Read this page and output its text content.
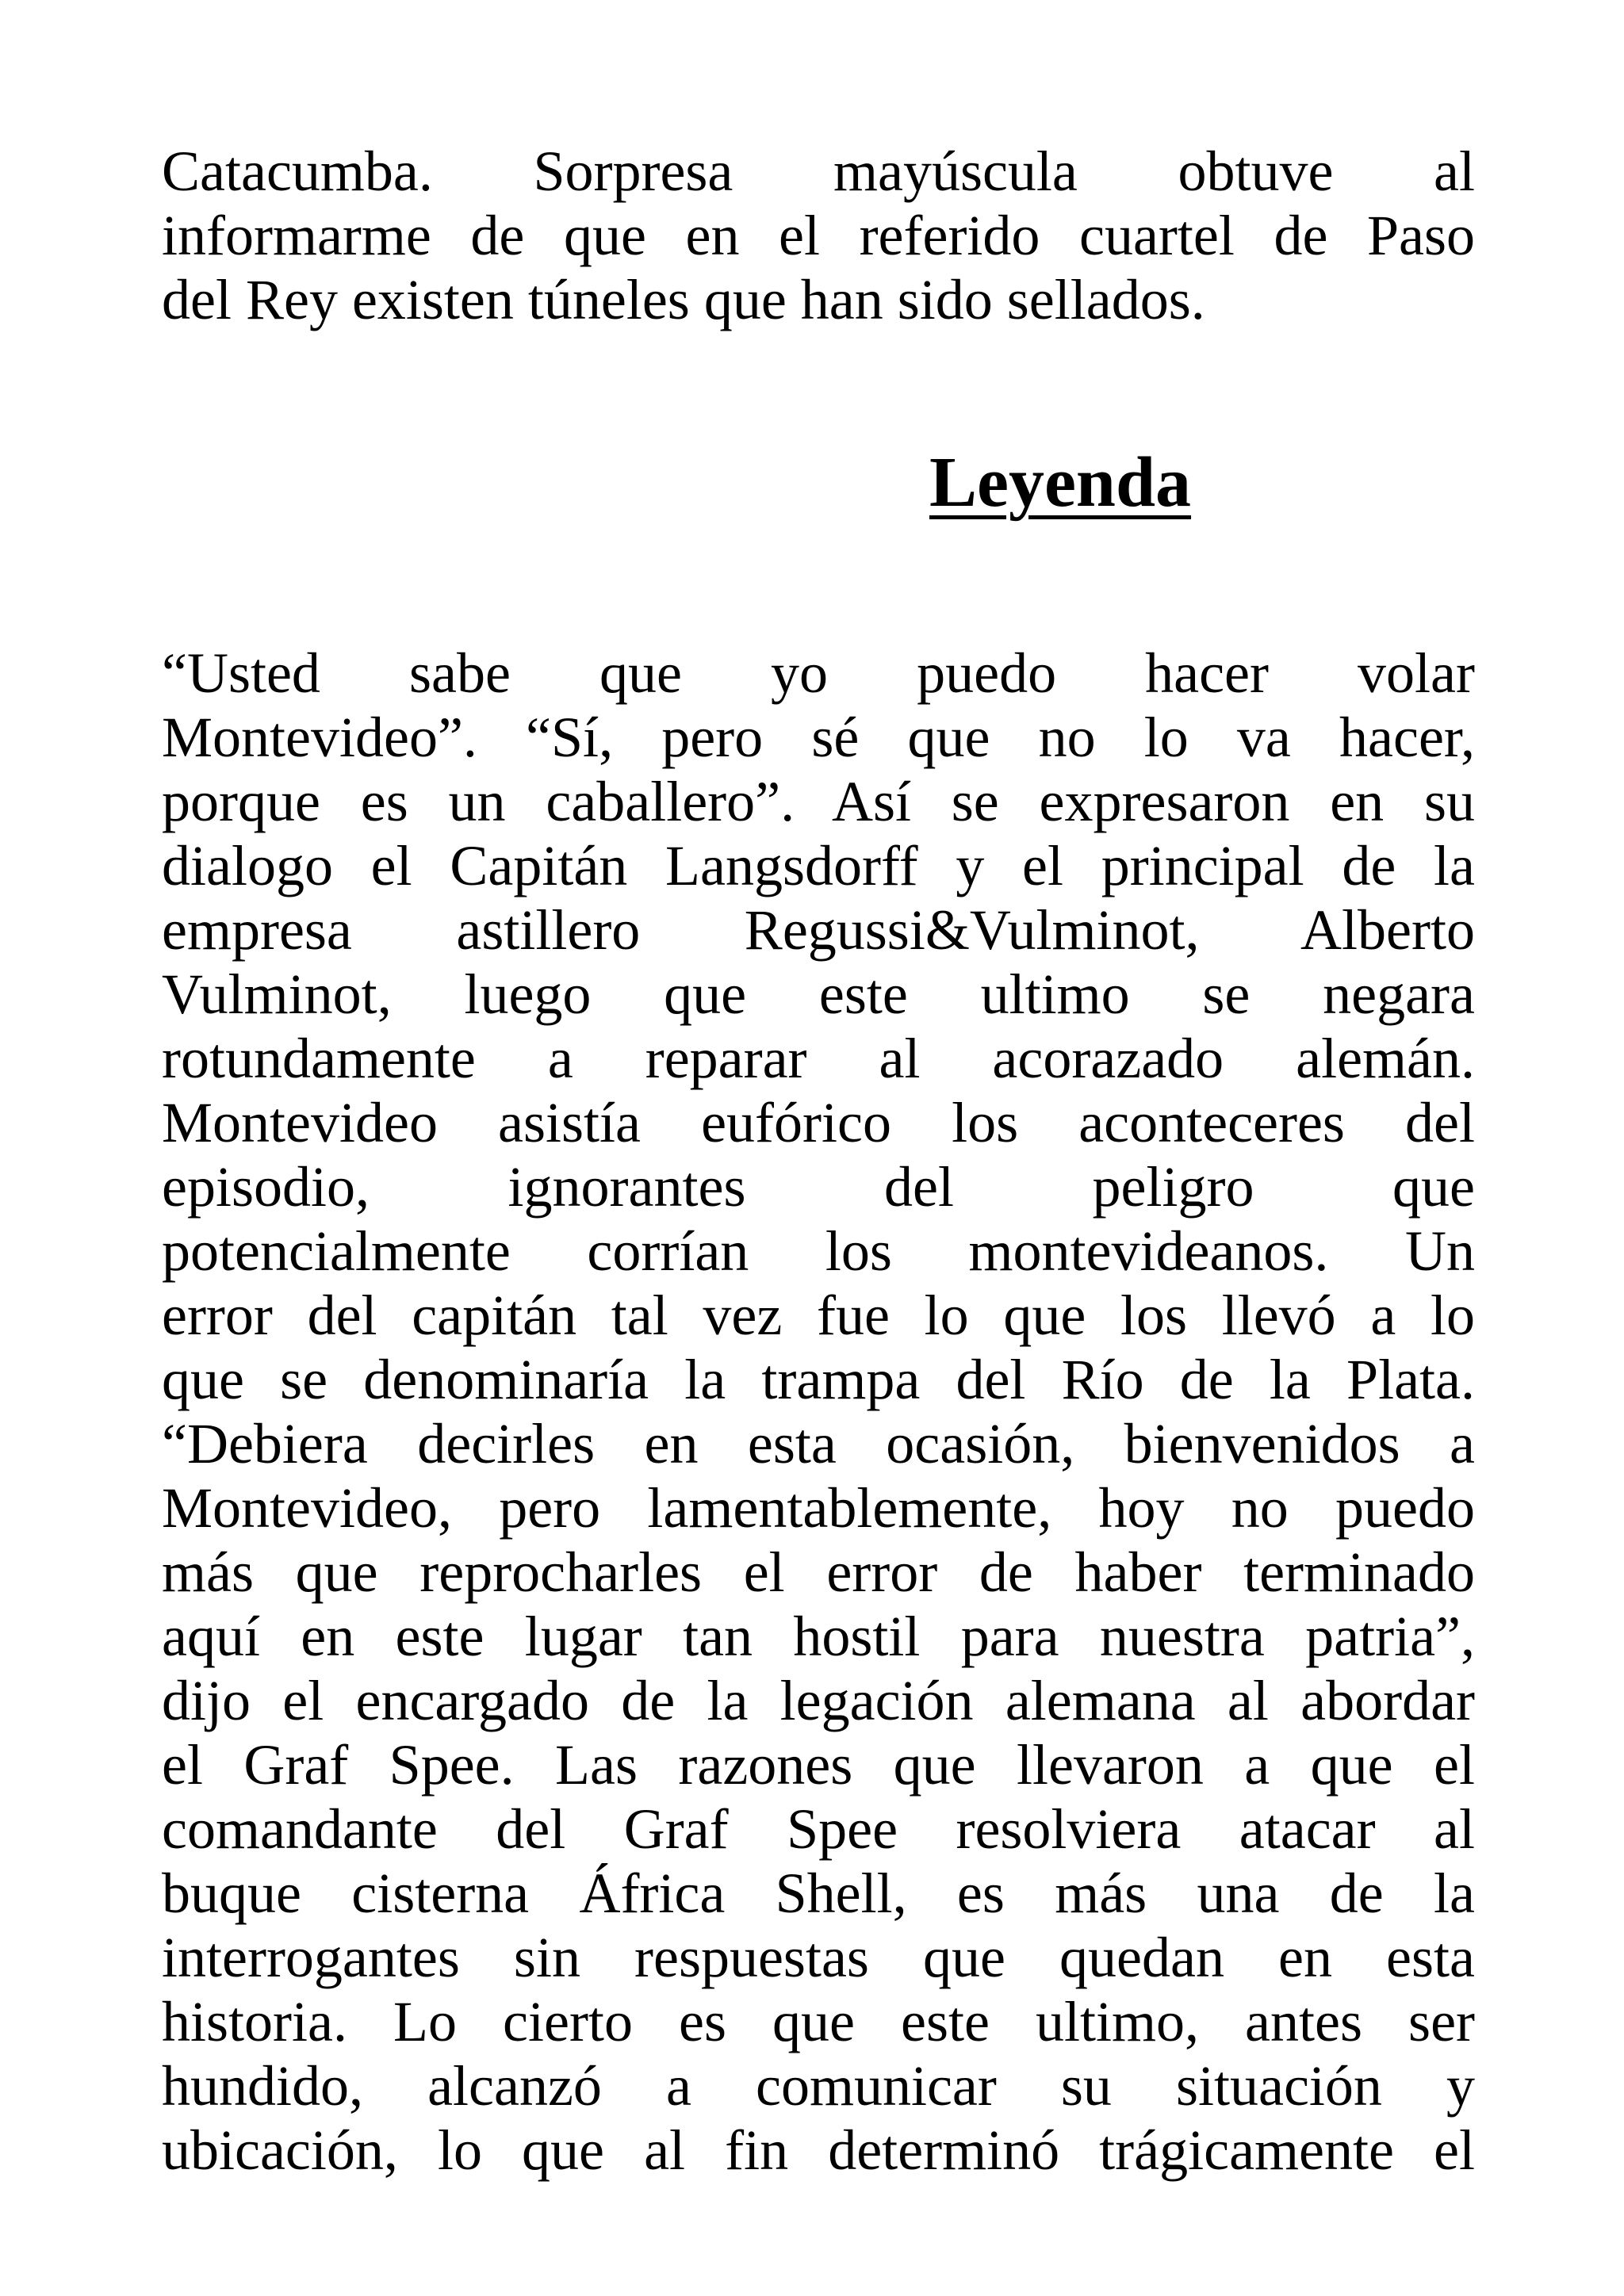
Catacumba. Sorpresa mayúscula obtuve al
informarme de que en el referido cuartel de Paso
del Rey existen túneles que han sido sellados.
Leyenda
“Usted sabe que yo puedo hacer volar
Montevideo”. “Sí, pero sé que no lo va hacer,
porque es un caballero”. Así se expresaron en su
dialogo el Capitán Langsdorff y el principal de la
empresa astillero Regussi&Vulminot, Alberto
Vulminot, luego que este ultimo se negara
rotundamente a reparar al acorazado alemán.
Montevideo asistía eufórico los aconteceres del
episodio, ignorantes del peligro que
potencialmente corrían los montevideanos. Un
error del capitán tal vez fue lo que los llevó a lo
que se denominaría la trampa del Río de la Plata.
“Debiera decirles en esta ocasión, bienvenidos a
Montevideo, pero lamentablemente, hoy no puedo
más que reprocharles el error de haber terminado
aquí en este lugar tan hostil para nuestra patria”,
dijo el encargado de la legación alemana al abordar
el Graf Spee. Las razones que llevaron a que el
comandante del Graf Spee resolviera atacar al
buque cisterna África Shell, es más una de la
interrogantes sin respuestas que quedan en esta
historia. Lo cierto es que este ultimo, antes ser
hundido, alcanzó a comunicar su situación y
ubicación, lo que al fin determinó trágicamente el
